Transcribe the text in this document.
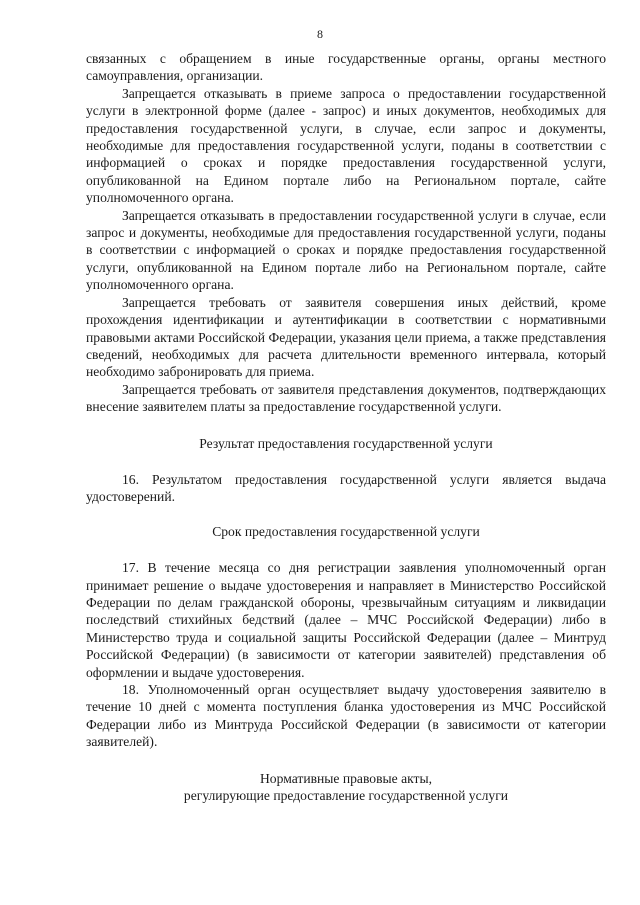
8

связанных с обращением в иные государственные органы, органы местного самоуправления, организации.

Запрещается отказывать в приеме запроса о предоставлении государственной услуги в электронной форме (далее - запрос) и иных документов, необходимых для предоставления государственной услуги, в случае, если запрос и документы, необходимые для предоставления государственной услуги, поданы в соответствии с информацией о сроках и порядке предоставления государственной услуги, опубликованной на Едином портале либо на Региональном портале, сайте уполномоченного органа.

Запрещается отказывать в предоставлении государственной услуги в случае, если запрос и документы, необходимые для предоставления государственной услуги, поданы в соответствии с информацией о сроках и порядке предоставления государственной услуги, опубликованной на Едином портале либо на Региональном портале, сайте уполномоченного органа.

Запрещается требовать от заявителя совершения иных действий, кроме прохождения идентификации и аутентификации в соответствии с нормативными правовыми актами Российской Федерации, указания цели приема, а также представления сведений, необходимых для расчета длительности временного интервала, который необходимо забронировать для приема.

Запрещается требовать от заявителя представления документов, подтверждающих внесение заявителем платы за предоставление государственной услуги.

Результат предоставления государственной услуги

16. Результатом предоставления государственной услуги является выдача удостоверений.

Срок предоставления государственной услуги

17. В течение месяца со дня регистрации заявления уполномоченный орган принимает решение о выдаче удостоверения и направляет в Министерство Российской Федерации по делам гражданской обороны, чрезвычайным ситуациям и ликвидации последствий стихийных бедствий (далее – МЧС Российской Федерации) либо в Министерство труда и социальной защиты Российской Федерации (далее – Минтруд Российской Федерации) (в зависимости от категории заявителей) представления об оформлении и выдаче удостоверения.

18. Уполномоченный орган осуществляет выдачу удостоверения заявителю в течение 10 дней с момента поступления бланка удостоверения из МЧС Российской Федерации либо из Минтруда Российской Федерации (в зависимости от категории заявителей).

Нормативные правовые акты,

регулирующие предоставление государственной услуги
